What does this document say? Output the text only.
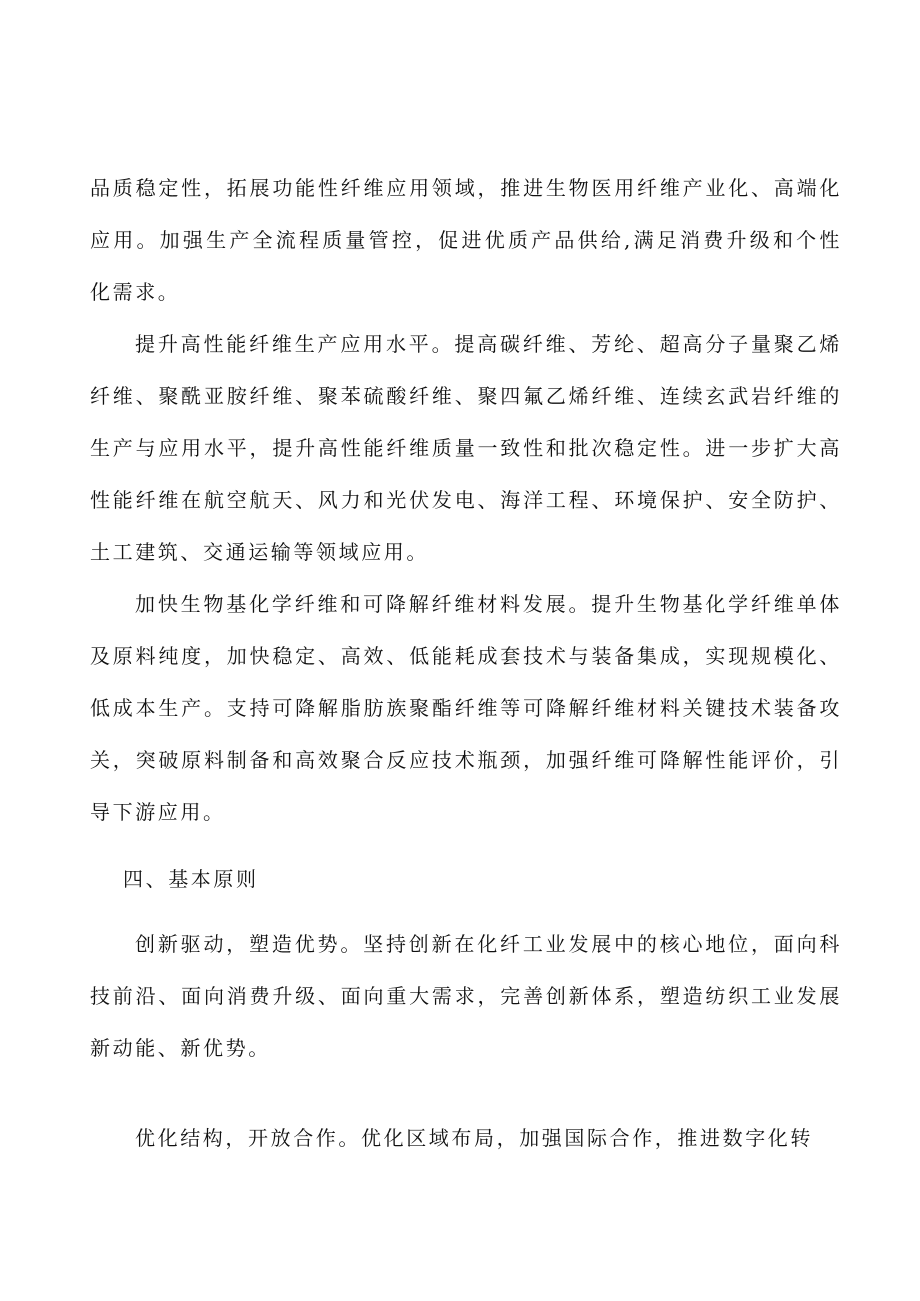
品质稳定性，拓展功能性纤维应用领域，推进生物医用纤维产业化、高端化应用。加强生产全流程质量管控，促进优质产品供给,满足消费升级和个性化需求。

提升高性能纤维生产应用水平。提高碳纤维、芳纶、超高分子量聚乙烯纤维、聚酰亚胺纤维、聚苯硫酸纤维、聚四氟乙烯纤维、连续玄武岩纤维的生产与应用水平，提升高性能纤维质量一致性和批次稳定性。进一步扩大高性能纤维在航空航天、风力和光伏发电、海洋工程、环境保护、安全防护、土工建筑、交通运输等领域应用。

加快生物基化学纤维和可降解纤维材料发展。提升生物基化学纤维单体及原料纯度，加快稳定、高效、低能耗成套技术与装备集成，实现规模化、低成本生产。支持可降解脂肪族聚酯纤维等可降解纤维材料关键技术装备攻关，突破原料制备和高效聚合反应技术瓶颈，加强纤维可降解性能评价，引导下游应用。

四、基本原则

创新驱动，塑造优势。坚持创新在化纤工业发展中的核心地位，面向科技前沿、面向消费升级、面向重大需求，完善创新体系，塑造纺织工业发展新动能、新优势。

优化结构，开放合作。优化区域布局，加强国际合作，推进数字化转
